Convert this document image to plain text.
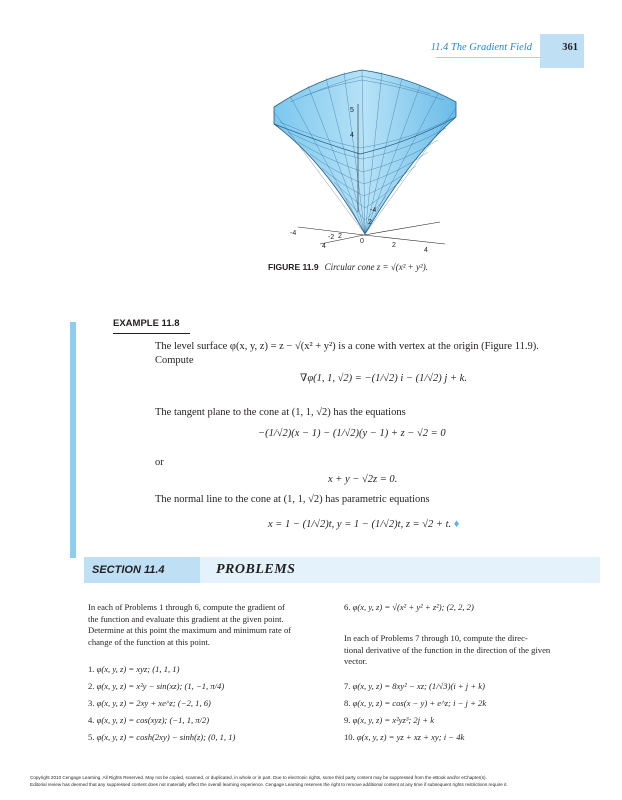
11.4 The Gradient Field	361
5
4
2
-4
-2 2
4
-4
0
2
4
FIGURE 11.9 Circular cone z = √(x² + y²).
EXAMPLE 11.8
The level surface φ(x, y, z) = z − √(x² + y²) is a cone with vertex at the origin (Figure 11.9).
Compute
∇φ(1, 1, √2) = −(1/√2) i − (1/√2) j + k.
The tangent plane to the cone at (1, 1, √2) has the equations
−(1/√2)(x − 1) − (1/√2)(y − 1) + z − √2 = 0
or
x + y − √2z = 0.
The normal line to the cone at (1, 1, √2) has parametric equations
x = 1 − (1/√2)t, y = 1 − (1/√2)t, z = √2 + t. ♦
SECTION 11.4	PROBLEMS
In each of Problems 1 through 6, compute the gradient of
the function and evaluate this gradient at the given point.
Determine at this point the maximum and minimum rate of
change of the function at this point.
1. φ(x, y, z) = xyz; (1, 1, 1)
2. φ(x, y, z) = x²y − sin(xz); (1, −1, π/4)
3. φ(x, y, z) = 2xy + xe^z; (−2, 1, 6)
4. φ(x, y, z) = cos(xyz); (−1, 1, π/2)
5. φ(x, y, z) = cosh(2xy) − sinh(z); (0, 1, 1)
6. φ(x, y, z) = √(x² + y² + z²); (2, 2, 2)
In each of Problems 7 through 10, compute the direc-
tional derivative of the function in the direction of the given
vector.
7. φ(x, y, z) = 8xy² − xz; (1/√3)(i + j + k)
8. φ(x, y, z) = cos(x − y) + e^z; i − j + 2k
9. φ(x, y, z) = x²yz³; 2j + k
10. φ(x, y, z) = yz + xz + xy; i − 4k
Copyright 2010 Cengage Learning. All Rights Reserved. May not be copied, scanned, or duplicated, in whole or in part. Due to electronic rights, some third party content may be suppressed from the eBook and/or eChapter(s).
Editorial review has deemed that any suppressed content does not materially affect the overall learning experience. Cengage Learning reserves the right to remove additional content at any time if subsequent rights restrictions require it.
